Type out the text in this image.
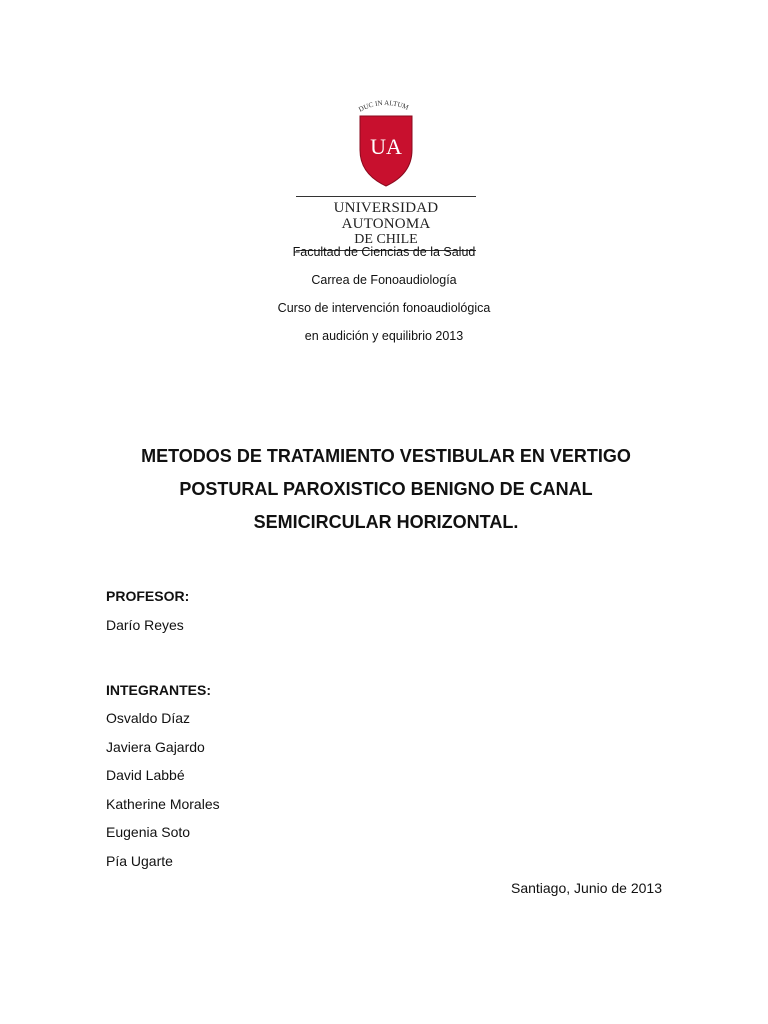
DUC IN ALTUM
UA
UNIVERSIDAD AUTONOMA
DE CHILE
Facultad de Ciencias de la Salud
Carrea de Fonoaudiología
Curso de intervención fonoaudiológica
en audición y equilibrio 2013
METODOS DE TRATAMIENTO VESTIBULAR EN VERTIGO
POSTURAL PAROXISTICO BENIGNO DE CANAL
SEMICIRCULAR HORIZONTAL.
PROFESOR:
Darío Reyes
INTEGRANTES:
Osvaldo Díaz
Javiera Gajardo
David Labbé
Katherine Morales
Eugenia Soto
Pía Ugarte
Santiago, Junio de 2013
